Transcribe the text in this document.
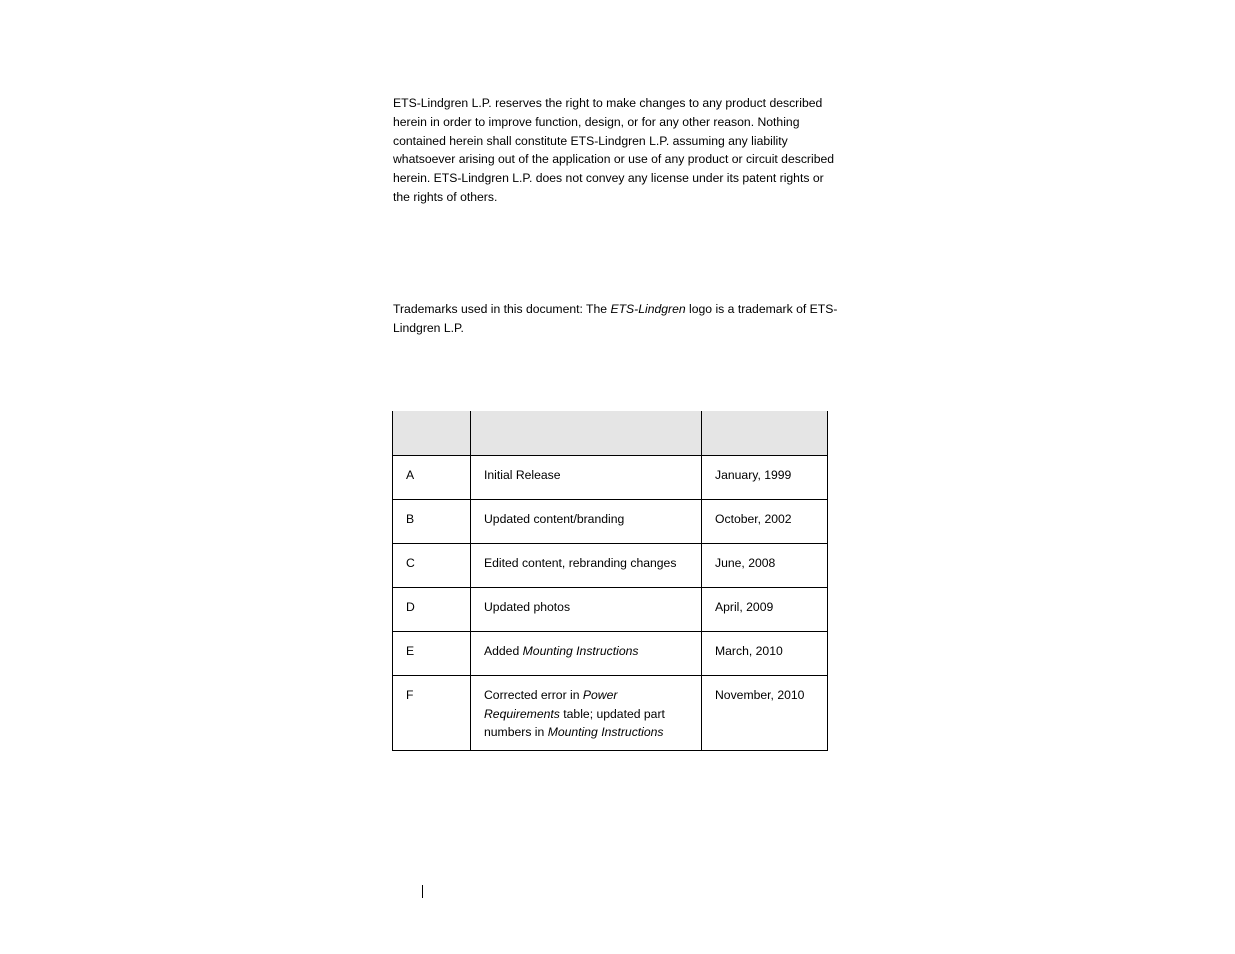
ETS-Lindgren L.P. reserves the right to make changes to any product described herein in order to improve function, design, or for any other reason. Nothing contained herein shall constitute ETS-Lindgren L.P. assuming any liability whatsoever arising out of the application or use of any product or circuit described herein. ETS-Lindgren L.P. does not convey any license under its patent rights or the rights of others.

Trademarks used in this document: The ETS-Lindgren logo is a trademark of ETS-Lindgren L.P.

A	Initial Release	January, 1999
B	Updated content/branding	October, 2002
C	Edited content, rebranding changes	June, 2008
D	Updated photos	April, 2009
E	Added Mounting Instructions	March, 2010
F	Corrected error in Power Requirements table; updated part numbers in Mounting Instructions	November, 2010
